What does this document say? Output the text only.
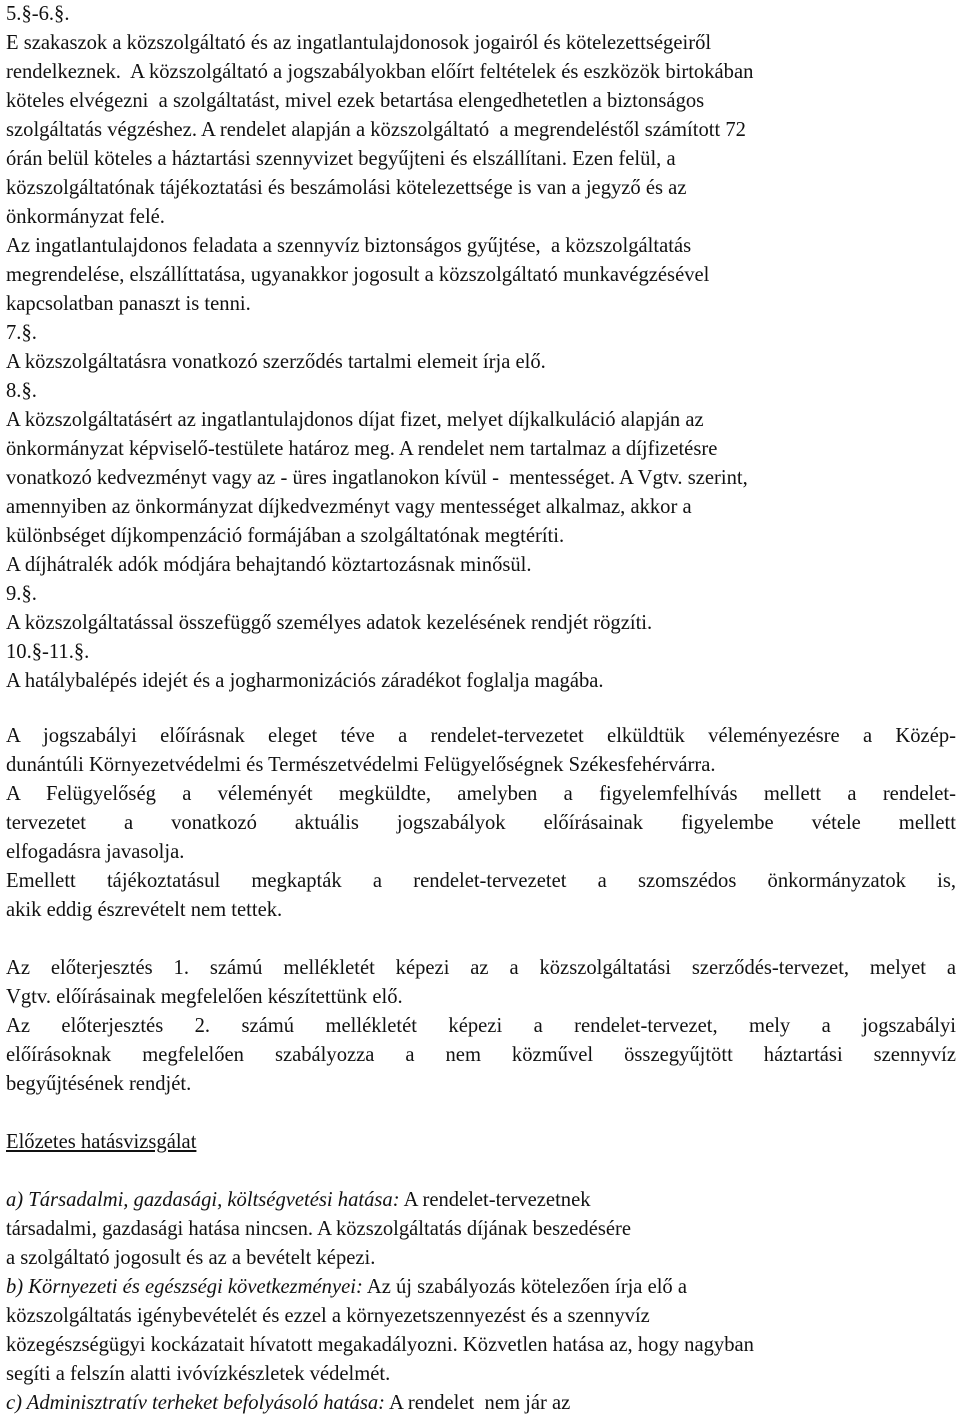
5.§-6.§.
E szakaszok a közszolgáltató és az ingatlantulajdonosok jogairól és kötelezettségeiről
rendelkeznek.  A közszolgáltató a jogszabályokban előírt feltételek és eszközök birtokában
köteles elvégezni  a szolgáltatást, mivel ezek betartása elengedhetetlen a biztonságos
szolgáltatás végzéshez. A rendelet alapján a közszolgáltató  a megrendeléstől számított 72
órán belül köteles a háztartási szennyvizet begyűjteni és elszállítani. Ezen felül, a
közszolgáltatónak tájékoztatási és beszámolási kötelezettsége is van a jegyző és az
önkormányzat felé.
Az ingatlantulajdonos feladata a szennyvíz biztonságos gyűjtése,  a közszolgáltatás
megrendelése, elszállíttatása, ugyanakkor jogosult a közszolgáltató munkavégzésével
kapcsolatban panaszt is tenni.
7.§.
A közszolgáltatásra vonatkozó szerződés tartalmi elemeit írja elő.
8.§.
A közszolgáltatásért az ingatlantulajdonos díjat fizet, melyet díjkalkuláció alapján az
önkormányzat képviselő-testülete határoz meg. A rendelet nem tartalmaz a díjfizetésre
vonatkozó kedvezményt vagy az - üres ingatlanokon kívül -  mentességet. A Vgtv. szerint,
amennyiben az önkormányzat díjkedvezményt vagy mentességet alkalmaz, akkor a
különbséget díjkompenzáció formájában a szolgáltatónak megtéríti.
A díjhátralék adók módjára behajtandó köztartozásnak minősül.
9.§.
A közszolgáltatással összefüggő személyes adatok kezelésének rendjét rögzíti.
10.§-11.§.
A hatálybalépés idejét és a jogharmonizációs záradékot foglalja magába.
A jogszabályi előírásnak eleget téve a rendelet-tervezetet elküldtük véleményezésre a Közép-
dunántúli Környezetvédelmi és Természetvédelmi Felügyelőségnek Székesfehérvárra.
A Felügyelőség a véleményét megküldte, amelyben a figyelemfelhívás mellett a rendelet-
tervezetet a vonatkozó aktuális jogszabályok előírásainak figyelembe vétele mellett
elfogadásra javasolja.
Emellett tájékoztatásul megkapták a rendelet-tervezetet a szomszédos önkormányzatok is,
akik eddig észrevételt nem tettek.
Az előterjesztés 1. számú mellékletét képezi az a közszolgáltatási szerződés-tervezet, melyet a
Vgtv. előírásainak megfelelően készítettünk elő.
Az előterjesztés 2. számú mellékletét képezi a rendelet-tervezet, mely a jogszabályi
előírásoknak megfelelően szabályozza a nem közművel összegyűjtött háztartási szennyvíz
begyűjtésének rendjét.
Előzetes hatásvizsgálat
a) Társadalmi, gazdasági, költségvetési hatása: A rendelet-tervezetnek
társadalmi, gazdasági hatása nincsen. A közszolgáltatás díjának beszedésére
a szolgáltató jogosult és az a bevételt képezi.
b) Környezeti és egészségi következményei: Az új szabályozás kötelezően írja elő a
közszolgáltatás igénybevételét és ezzel a környezetszennyezést és a szennyvíz
közegészségügyi kockázatait hívatott megakadályozni. Közvetlen hatása az, hogy nagyban
segíti a felszín alatti ivóvízkészletek védelmét.
c) Adminisztratív terheket befolyásoló hatása: A rendelet  nem jár az
